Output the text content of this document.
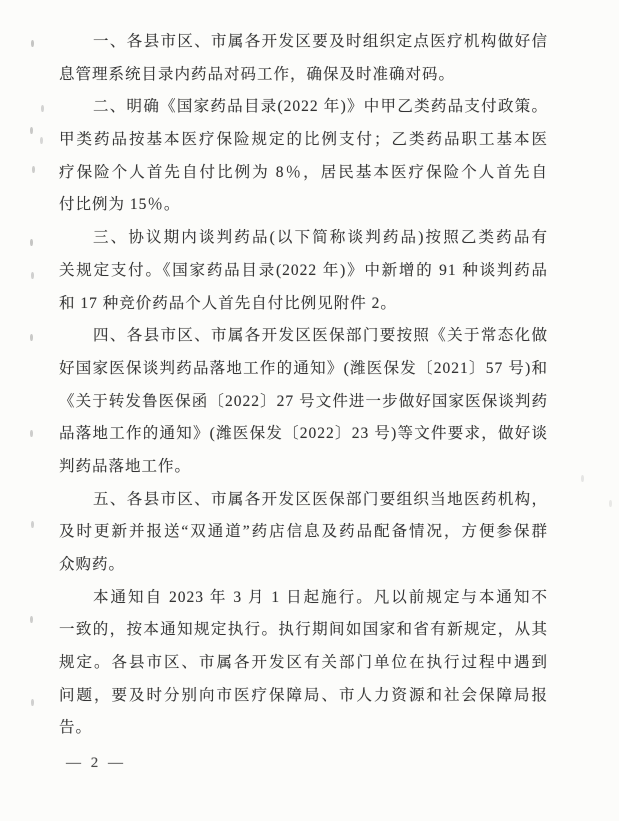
一、各县市区、市属各开发区要及时组织定点医疗机构做好信
息管理系统目录内药品对码工作，确保及时准确对码。
二、明确《国家药品目录(2022 年)》中甲乙类药品支付政策。
甲类药品按基本医疗保险规定的比例支付；乙类药品职工基本医
疗保险个人首先自付比例为 8％，居民基本医疗保险个人首先自
付比例为 15％。
三、协议期内谈判药品(以下简称谈判药品)按照乙类药品有
关规定支付。《国家药品目录(2022 年)》中新增的 91 种谈判药品
和 17 种竞价药品个人首先自付比例见附件 2。
四、各县市区、市属各开发区医保部门要按照《关于常态化做
好国家医保谈判药品落地工作的通知》(潍医保发〔2021〕57 号)和
《关于转发鲁医保函〔2022〕27 号文件进一步做好国家医保谈判药
品落地工作的通知》(潍医保发〔2022〕23 号)等文件要求，做好谈
判药品落地工作。
五、各县市区、市属各开发区医保部门要组织当地医药机构，
及时更新并报送“双通道”药店信息及药品配备情况，方便参保群
众购药。
本通知自 2023 年 3 月 1 日起施行。凡以前规定与本通知不
一致的，按本通知规定执行。执行期间如国家和省有新规定，从其
规定。各县市区、市属各开发区有关部门单位在执行过程中遇到
问题，要及时分别向市医疗保障局、市人力资源和社会保障局报
告。
— 2 —
